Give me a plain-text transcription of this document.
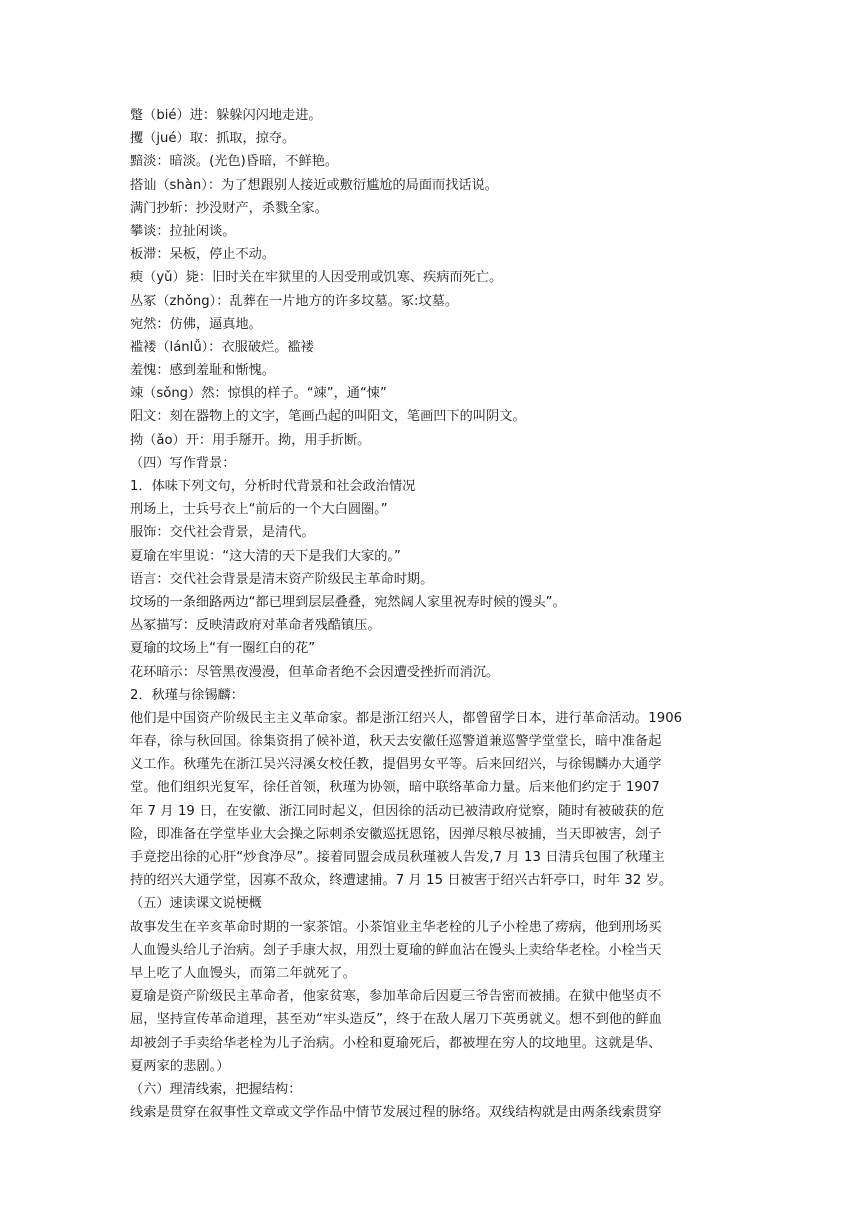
蹩（bié）进：躲躲闪闪地走进。
攫（jué）取：抓取，掠夺。
黯淡：暗淡。(光色)昏暗，不鲜艳。
搭讪（shàn）：为了想跟别人接近或敷衍尴尬的局面而找话说。
满门抄斩：抄没财产，杀戮全家。
攀谈：拉扯闲谈。
板滞：呆板，停止不动。
瘐（yǔ）毙：旧时关在牢狱里的人因受刑或饥寒、疾病而死亡。
丛冢（zhǒng）：乱葬在一片地方的许多坟墓。冢:坟墓。
宛然：仿佛，逼真地。
褴褛（lánlǚ）：衣服破烂。褴褛
羞愧：感到羞耻和惭愧。
竦（sǒng）然：惊惧的样子。“竦”，通“悚”
阳文：刻在器物上的文字，笔画凸起的叫阳文，笔画凹下的叫阴文。
拗（ǎo）开：用手掰开。拗，用手折断。
（四）写作背景：
1．体味下列文句，分析时代背景和社会政治情况
刑场上，士兵号衣上“前后的一个大白圆圈。”
服饰：交代社会背景，是清代。
夏瑜在牢里说：“这大清的天下是我们大家的。”
语言：交代社会背景是清末资产阶级民主革命时期。
坟场的一条细路两边“都已埋到层层叠叠，宛然阔人家里祝寿时候的馒头”。
丛冢描写：反映清政府对革命者残酷镇压。
夏瑜的坟场上“有一圈红白的花”
花环暗示：尽管黑夜漫漫，但革命者绝不会因遭受挫折而消沉。
2．秋瑾与徐锡麟：
他们是中国资产阶级民主主义革命家。都是浙江绍兴人，都曾留学日本，进行革命活动。1906
年春，徐与秋回国。徐集资捐了候补道，秋天去安徽任巡警道兼巡警学堂堂长，暗中准备起
义工作。秋瑾先在浙江吴兴浔溪女校任教，提倡男女平等。后来回绍兴，与徐锡麟办大通学
堂。他们组织光复军，徐任首领，秋瑾为协领，暗中联络革命力量。后来他们约定于 1907
年 7 月 19 日，在安徽、浙江同时起义，但因徐的活动已被清政府觉察，随时有被破获的危
险，即准备在学堂毕业大会操之际刺杀安徽巡抚恩铭，因弹尽粮尽被捕，当天即被害，刽子
手竟挖出徐的心肝“炒食净尽”。接着同盟会成员秋瑾被人告发,7 月 13 日清兵包围了秋瑾主
持的绍兴大通学堂，因寡不敌众，终遭逮捕。7 月 15 日被害于绍兴古轩亭口，时年 32 岁。
（五）速读课文说梗概
故事发生在辛亥革命时期的一家茶馆。小茶馆业主华老栓的儿子小栓患了痨病，他到刑场买
人血馒头给儿子治病。刽子手康大叔，用烈士夏瑜的鲜血沾在馒头上卖给华老栓。小栓当天
早上吃了人血馒头，而第二年就死了。
夏瑜是资产阶级民主革命者，他家贫寒，参加革命后因夏三爷告密而被捕。在狱中他坚贞不
屈，坚持宣传革命道理，甚至劝“牢头造反”，终于在敌人屠刀下英勇就义。想不到他的鲜血
却被刽子手卖给华老栓为儿子治病。小栓和夏瑜死后，都被埋在穷人的坟地里。这就是华、
夏两家的悲剧。）
（六）理清线索，把握结构：
线索是贯穿在叙事性文章或文学作品中情节发展过程的脉络。双线结构就是由两条线索贯穿
